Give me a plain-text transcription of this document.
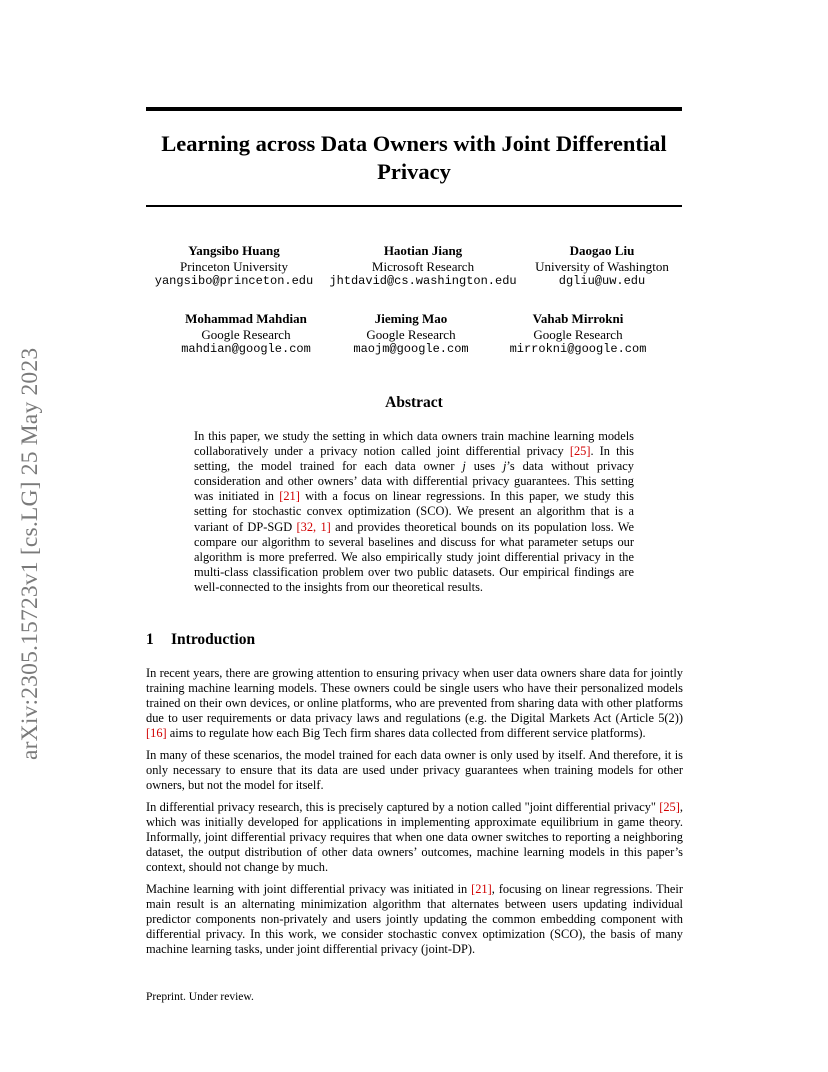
arXiv:2305.15723v1 [cs.LG] 25 May 2023
Learning across Data Owners with Joint Differential
Privacy
Yangsibo Huang
Princeton University
yangsibo@princeton.edu
Haotian Jiang
Microsoft Research
jhtdavid@cs.washington.edu
Daogao Liu
University of Washington
dgliu@uw.edu
Mohammad Mahdian
Google Research
mahdian@google.com
Jieming Mao
Google Research
maojm@google.com
Vahab Mirrokni
Google Research
mirrokni@google.com
Abstract
In this paper, we study the setting in which data owners train machine learning models collaboratively under a privacy notion called joint differential privacy [25]. In this setting, the model trained for each data owner j uses j’s data without privacy consideration and other owners’ data with differential privacy guarantees. This setting was initiated in [21] with a focus on linear regressions. In this paper, we study this setting for stochastic convex optimization (SCO). We present an algorithm that is a variant of DP-SGD [32, 1] and provides theoretical bounds on its population loss. We compare our algorithm to several baselines and discuss for what parameter setups our algorithm is more preferred. We also empirically study joint differential privacy in the multi-class classification problem over two public datasets. Our empirical findings are well-connected to the insights from our theoretical results.
1 Introduction

In recent years, there are growing attention to ensuring privacy when user data owners share data for jointly training machine learning models. These owners could be single users who have their personalized models trained on their own devices, or online platforms, who are prevented from sharing data with other platforms due to user requirements or data privacy laws and regulations (e.g. the Digital Markets Act (Article 5(2)) [16] aims to regulate how each Big Tech firm shares data collected from different service platforms).

In many of these scenarios, the model trained for each data owner is only used by itself. And therefore, it is only necessary to ensure that its data are used under privacy guarantees when training models for other owners, but not the model for itself.

In differential privacy research, this is precisely captured by a notion called "joint differential privacy" [25], which was initially developed for applications in implementing approximate equilibrium in game theory. Informally, joint differential privacy requires that when one data owner switches to reporting a neighboring dataset, the output distribution of other data owners’ outcomes, machine learning models in this paper’s context, should not change by much.

Machine learning with joint differential privacy was initiated in [21], focusing on linear regressions. Their main result is an alternating minimization algorithm that alternates between users updating individual predictor components non-privately and users jointly updating the common embedding component with differential privacy. In this work, we consider stochastic convex optimization (SCO), the basis of many machine learning tasks, under joint differential privacy (joint-DP).

Preprint. Under review.
